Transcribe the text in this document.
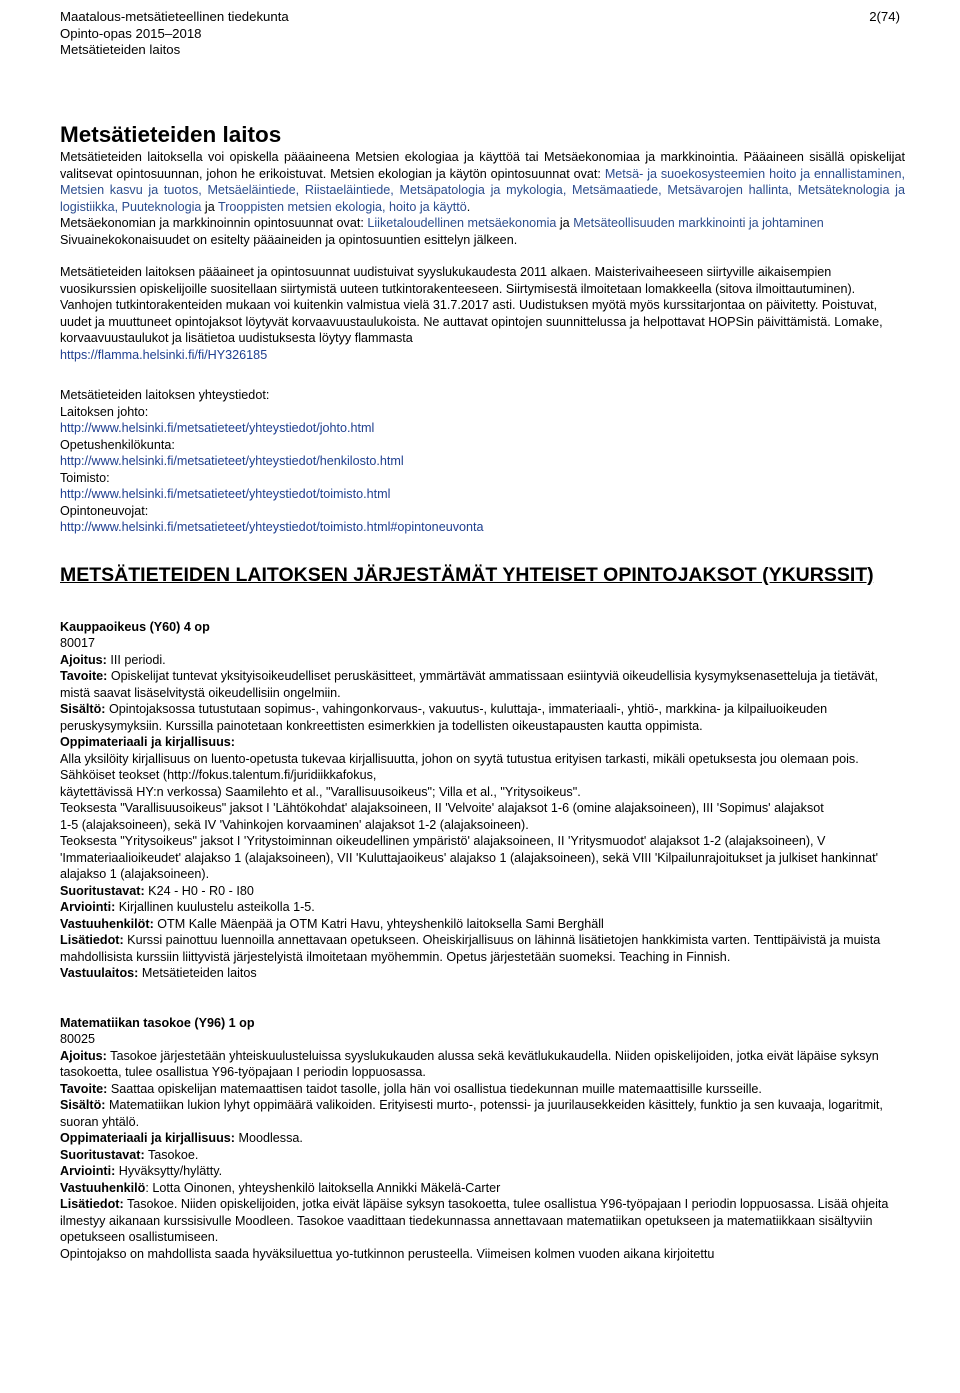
Maatalous-metsätieteellinen tiedekunta
Opinto-opas 2015–2018
Metsätieteiden laitos
2(74)
Metsätieteiden laitos

Metsätieteiden laitoksella voi opiskella pääaineena Metsien ekologiaa ja käyttöä tai Metsäekonomiaa ja markkinointia. Pääaineen sisällä opiskelijat valitsevat opintosuunnan, johon he erikoistuvat. Metsien ekologian ja käytön opintosuunnat ovat: Metsä- ja suoekosysteemien hoito ja ennallistaminen, Metsien kasvu ja tuotos, Metsäeläintiede, Riistaeläintiede, Metsäpatologia ja mykologia, Metsämaatiede, Metsävarojen hallinta, Metsäteknologia ja logistiikka, Puuteknologia ja Trooppisten metsien ekologia, hoito ja käyttö.

Metsäekonomian ja markkinoinnin opintosuunnat ovat: Liiketaloudellinen metsäekonomia ja Metsäteollisuuden markkinointi ja johtaminen Sivuainekokonaisuudet on esitelty pääaineiden ja opintosuuntien esittelyn jälkeen.

Metsätieteiden laitoksen pääaineet ja opintosuunnat uudistuivat syyslukukaudesta 2011 alkaen. Maisterivaiheeseen siirtyville aikaisempien vuosikurssien opiskelijoille suositellaan siirtymistä uuteen tutkintorakenteeseen. Siirtymisestä ilmoitetaan lomakkeella (sitova ilmoittautuminen). Vanhojen tutkintorakenteiden mukaan voi kuitenkin valmistua vielä 31.7.2017 asti. Uudistuksen myötä myös kurssitarjontaa on päivitetty. Poistuvat, uudet ja muuttuneet opintojaksot löytyvät korvaavuustaulukoista. Ne auttavat opintojen suunnittelussa ja helpottavat HOPSin päivittämistä. Lomake, korvaavuustaulukot ja lisätietoa uudistuksesta löytyy flammasta
https://flamma.helsinki.fi/fi/HY326185

Metsätieteiden laitoksen yhteystiedot:
Laitoksen johto:
http://www.helsinki.fi/metsatieteet/yhteystiedot/johto.html
Opetushenkilökunta:
http://www.helsinki.fi/metsatieteet/yhteystiedot/henkilosto.html
Toimisto:
http://www.helsinki.fi/metsatieteet/yhteystiedot/toimisto.html
Opintoneuvojat:
http://www.helsinki.fi/metsatieteet/yhteystiedot/toimisto.html#opintoneuvonta
METSÄTIETEIDEN LAITOKSEN JÄRJESTÄMÄT YHTEISET OPINTOJAKSOT (YKURSSIT)
Kauppaoikeus (Y60) 4 op
80017
Ajoitus: III periodi.
Tavoite: Opiskelijat tuntevat yksityisoikeudelliset peruskäsitteet, ymmärtävät ammatissaan esiintyviä oikeudellisia kysymyksenasetteluja ja tietävät, mistä saavat lisäselvitystä oikeudellisiin ongelmiin.
Sisältö: Opintojaksossa tutustutaan sopimus-, vahingonkorvaus-, vakuutus-, kuluttaja-, immateriaali-, yhtiö-, markkina- ja kilpailuoikeuden peruskysymyksiin. Kurssilla painotetaan konkreettisten esimerkkien ja todellisten oikeustapausten kautta oppimista.
Oppimateriaali ja kirjallisuus:
Alla yksilöity kirjallisuus on luento-opetusta tukevaa kirjallisuutta, johon on syytä tutustua erityisen tarkasti, mikäli opetuksesta jou olemaan pois.
Sähköiset teokset (http://fokus.talentum.fi/juridiikkafokus,
käytettävissä HY:n verkossa) Saamilehto et al., "Varallisuusoikeus"; Villa et al., "Yritysoikeus".
Teoksesta "Varallisuusoikeus" jaksot I 'Lähtökohdat' alajaksoineen, II 'Velvoite' alajaksot 1-6 (omine alajaksoineen), III 'Sopimus' alajaksot
1-5 (alajaksoineen), sekä IV 'Vahinkojen korvaaminen' alajaksot 1-2 (alajaksoineen).
Teoksesta "Yritysoikeus" jaksot I 'Yritystoiminnan oikeudellinen ympäristö' alajaksoineen, II 'Yritysmuodot' alajaksot 1-2 (alajaksoineen), V 'Immateriaalioikeudet' alajakso 1 (alajaksoineen), VII 'Kuluttajaoikeus' alajakso 1 (alajaksoineen), sekä VIII 'Kilpailunrajoitukset ja julkiset hankinnat' alajakso 1 (alajaksoineen).
Suoritustavat: K24 - H0 - R0 - I80
Arviointi: Kirjallinen kuulustelu asteikolla 1-5.
Vastuuhenkilöt: OTM Kalle Mäenpää ja OTM Katri Havu, yhteyshenkilö laitoksella Sami Berghäll
Lisätiedot: Kurssi painottuu luennoilla annettavaan opetukseen. Oheiskirjallisuus on lähinnä lisätietojen hankkimista varten. Tenttipäivistä ja muista mahdollisista kurssiin liittyvistä järjestelyistä ilmoitetaan myöhemmin. Opetus järjestetään suomeksi. Teaching in Finnish.
Vastuulaitos: Metsätieteiden laitos
Matematiikan tasokoe (Y96) 1 op
80025
Ajoitus: Tasokoe järjestetään yhteiskuulusteluissa syyslukukauden alussa sekä kevätlukukaudella. Niiden opiskelijoiden, jotka eivät läpäise syksyn tasokoetta, tulee osallistua Y96-työpajaan I periodin loppuosassa.
Tavoite: Saattaa opiskelijan matemaattisen taidot tasolle, jolla hän voi osallistua tiedekunnan muille matemaattisille kursseille.
Sisältö: Matematiikan lukion lyhyt oppimäärä valikoiden. Erityisesti murto-, potenssi- ja juurilausekkeiden käsittely, funktio ja sen kuvaaja, logaritmit, suoran yhtälö.
Oppimateriaali ja kirjallisuus: Moodlessa.
Suoritustavat: Tasokoe.
Arviointi: Hyväksytty/hylätty.
Vastuuhenkilö: Lotta Oinonen, yhteyshenkilö laitoksella Annikki Mäkelä-Carter
Lisätiedot: Tasokoe. Niiden opiskelijoiden, jotka eivät läpäise syksyn tasokoetta, tulee osallistua Y96-työpajaan I periodin loppuosassa. Lisää ohjeita ilmestyy aikanaan kurssisivulle Moodleen. Tasokoe vaadittaan tiedekunnassa annettavaan matematiikan opetukseen ja matematiikkaan sisältyviin opetukseen osallistumiseen.
Opintojakso on mahdollista saada hyväksiluettua yo-tutkinnon perusteella. Viimeisen kolmen vuoden aikana kirjoitettu
